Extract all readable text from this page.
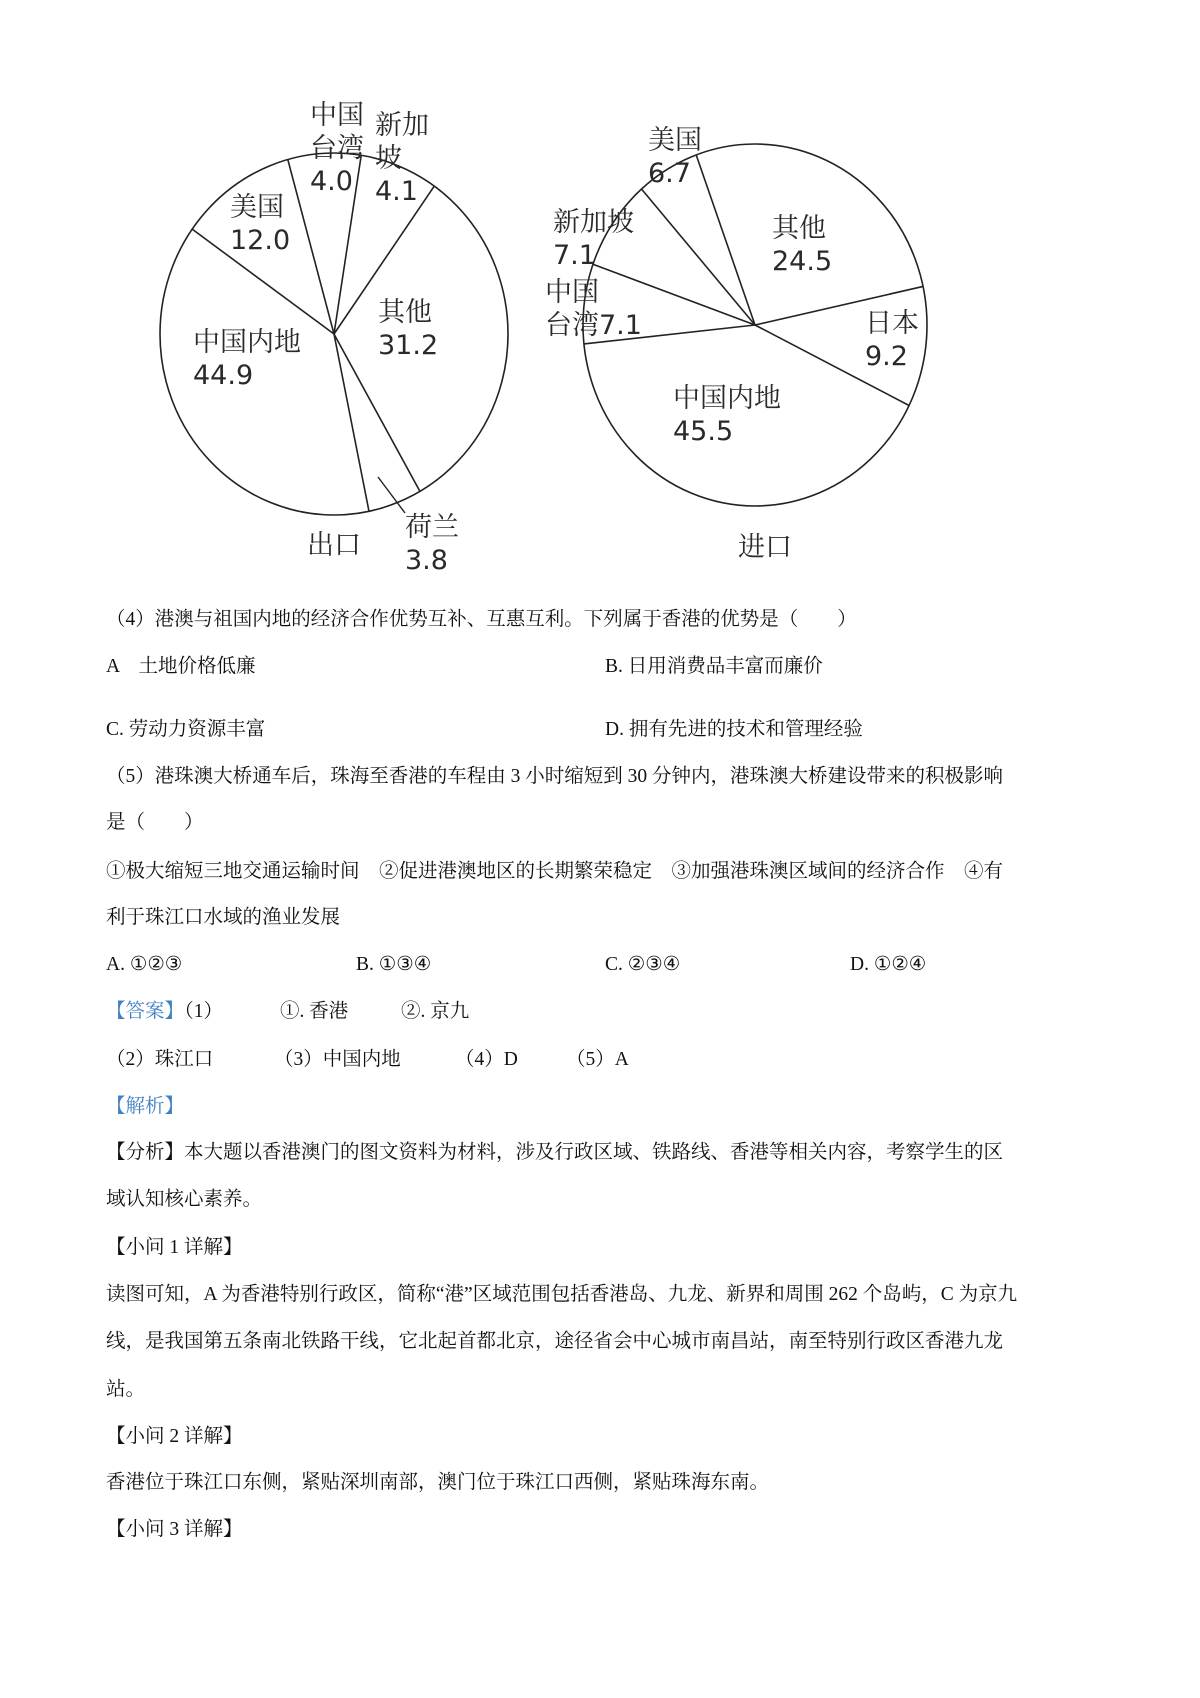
中国内地
44.9
美国
12.0
中国
台湾
4.0
新加
坡
4.1
其他
31.2
荷兰
3.8
出口
美国
6.7
其他
24.5
日本
9.2
中国内地
45.5
中国
台湾7.1
新加坡
7.1
进口
（4）港澳与祖国内地的经济合作优势互补、互惠互利。下列属于香港的优势是（　　）
A　土地价格低廉	B. 日用消费品丰富而廉价
C. 劳动力资源丰富	D. 拥有先进的技术和管理经验
（5）港珠澳大桥通车后，珠海至香港的车程由 3 小时缩短到 30 分钟内，港珠澳大桥建设带来的积极影响
是（　　）
①极大缩短三地交通运输时间　②促进港澳地区的长期繁荣稳定　③加强港珠澳区域间的经济合作　④有
利于珠江口水域的渔业发展
A. ①②③	B. ①③④	C. ②③④	D. ①②④
【答案】（1）	①. 香港	②. 京九
（2）珠江口	（3）中国内地	（4）D （5）A
【解析】
【分析】本大题以香港澳门的图文资料为材料，涉及行政区域、铁路线、香港等相关内容，考察学生的区
域认知核心素养。
【小问 1 详解】
读图可知，A 为香港特别行政区，简称“港”区域范围包括香港岛、九龙、新界和周围 262 个岛屿，C 为京九
线，是我国第五条南北铁路干线，它北起首都北京，途径省会中心城市南昌站，南至特别行政区香港九龙
站。
【小问 2 详解】
香港位于珠江口东侧，紧贴深圳南部，澳门位于珠江口西侧，紧贴珠海东南。
【小问 3 详解】
